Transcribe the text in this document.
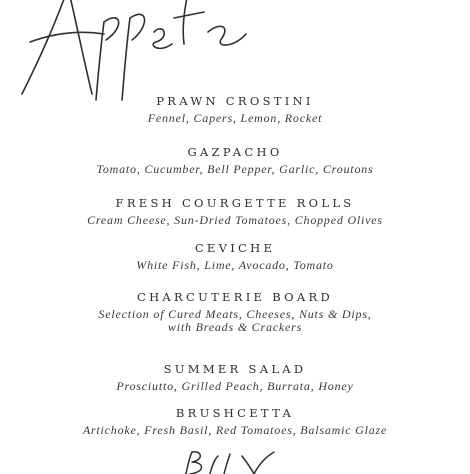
PRAWN CROSTINI
Fennel, Capers, Lemon, Rocket
GAZPACHO
Tomato, Cucumber, Bell Pepper, Garlic, Croutons
FRESH COURGETTE ROLLS
Cream Cheese, Sun-Dried Tomatoes, Chopped Olives
CEVICHE
White Fish, Lime, Avocado, Tomato
CHARCUTERIE BOARD
Selection of Cured Meats, Cheeses, Nuts & Dips,
with Breads & Crackers
SUMMER SALAD
Prosciutto, Grilled Peach, Burrata, Honey
BRUSHCETTA
Artichoke, Fresh Basil, Red Tomatoes, Balsamic Glaze
